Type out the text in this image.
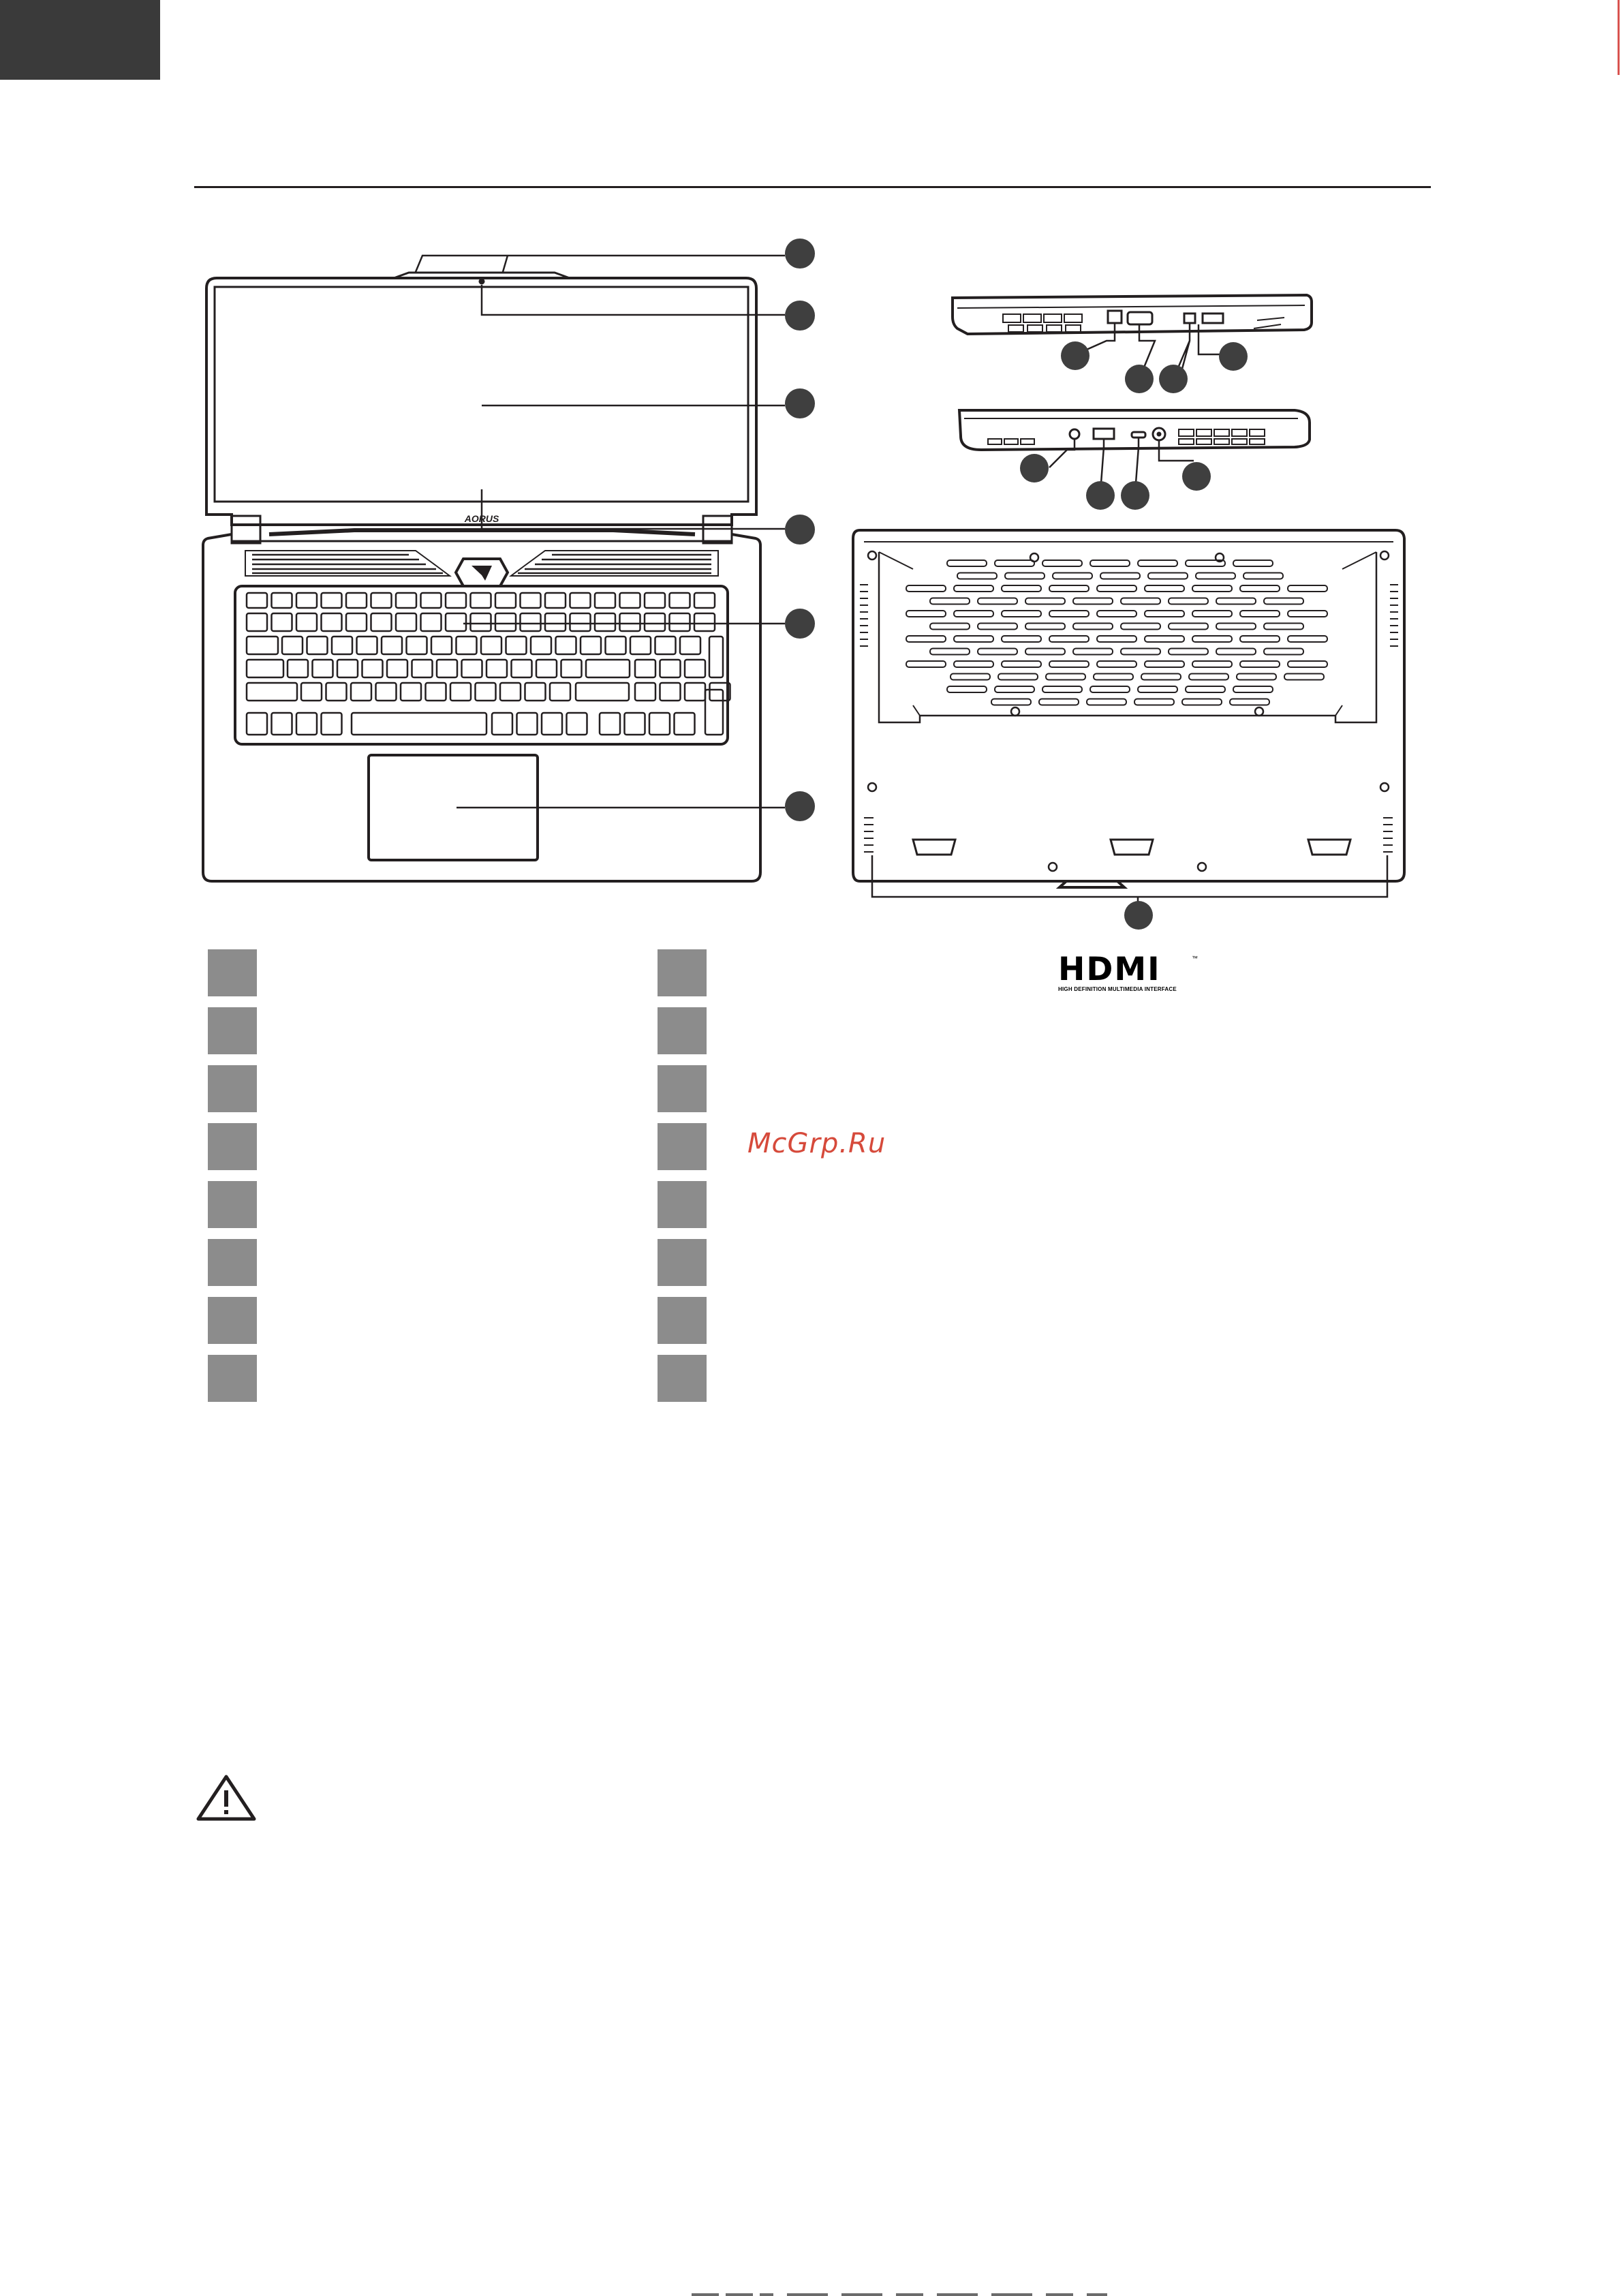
AORUS
HDMI	™
HIGH DEFINITION MULTIMEDIA INTERFACE
McGrp.Ru
